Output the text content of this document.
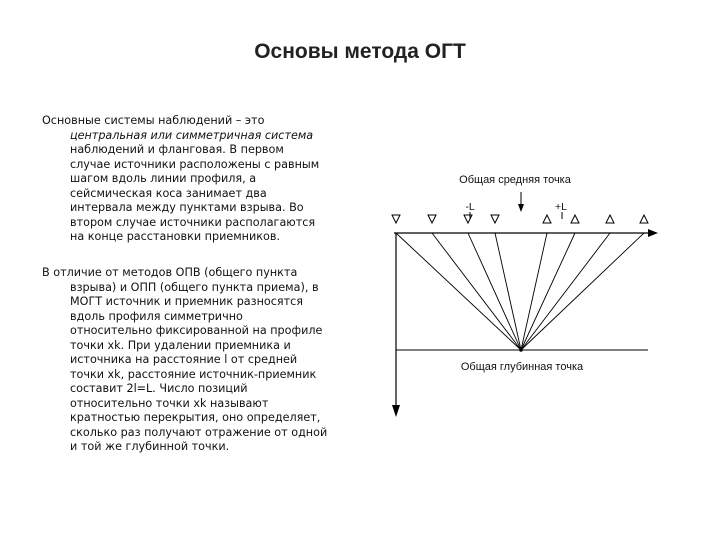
Основы метода ОГТ
Основные системы наблюдений – это
центральная или симметричная система
наблюдений и фланговая. В первом
случае источники расположены с равным
шагом вдоль линии профиля, а
сейсмическая коса занимает два
интервала между пунктами взрыва. Во
втором случае источники располагаются
на конце расстановки приемников.
В отличие от методов ОПВ (общего пункта
взрыва) и ОПП (общего пункта приема), в
МОГТ источник и приемник разносятся
вдоль профиля симметрично
относительно фиксированной на профиле
точки xk. При удалении приемника и
источника на расстояние l от средней
точки xk, расстояние источник-приемник
составит 2l=L. Число позиций
относительно точки xk называют
кратностью перекрытия, оно определяет,
сколько раз получают отражение от одной
и той же глубинной точки.
Общая средняя точка
-L	+L
Общая глубинная точка
